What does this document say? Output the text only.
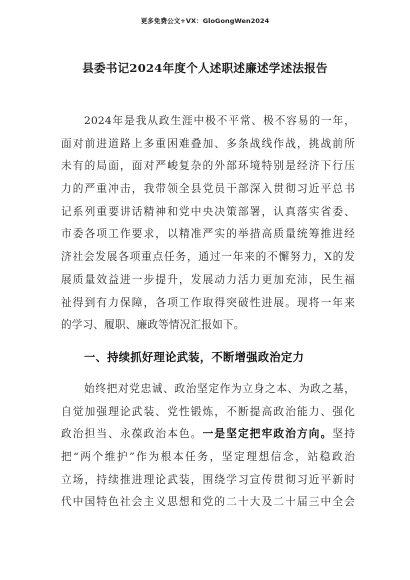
更多免费公文+VX：GloGongWen2024
县委书记2024年度个人述职述廉述学述法报告
2024年是我从政生涯中极不平常、极不容易的一年，
面对前进道路上多重困难叠加、多条战线作战，挑战前所
未有的局面，面对严峻复杂的外部环境特别是经济下行压
力的严重冲击，我带领全县党员干部深入贯彻习近平总书
记系列重要讲话精神和党中央决策部署，认真落实省委、
市委各项工作要求，以精准严实的举措高质量统筹推进经
济社会发展各项重点任务，通过一年来的不懈努力，X的发
展质量效益进一步提升，发展动力活力更加充沛，民生福
祉得到有力保障，各项工作取得突破性进展。现将一年来
的学习、履职、廉政等情况汇报如下。
一、持续抓好理论武装，不断增强政治定力
始终把对党忠诚、政治坚定作为立身之本、为政之基，
自觉加强理论武装、党性锻炼，不断提高政治能力、强化
政治担当、永葆政治本色。一是坚定把牢政治方向。坚持
把“两个维护”作为根本任务，坚定理想信念，站稳政治
立场，持续推进理论武装，围绕学习宣传贯彻习近平新时
代中国特色社会主义思想和党的二十大及二十届三中全会
